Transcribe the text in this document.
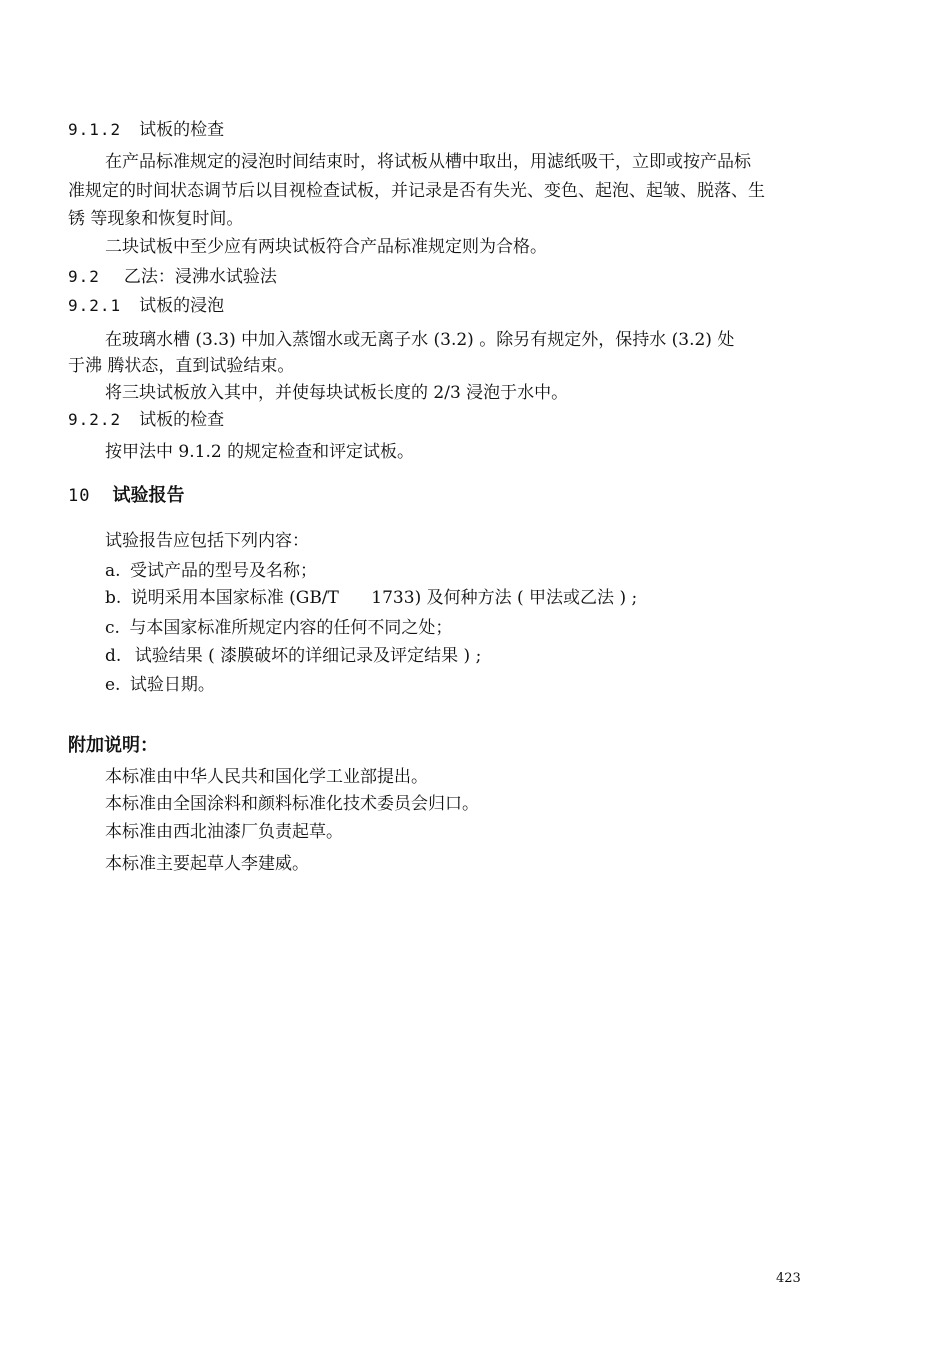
9.1.2 试板的检查
在产品标准规定的浸泡时间结束时，将试板从槽中取出，用滤纸吸干，立即或按产品标
准规定的时间状态调节后以目视检查试板，并记录是否有失光、变色、起泡、起皱、脱落、生
锈 等现象和恢复时间。
二块试板中至少应有两块试板符合产品标准规定则为合格。
9.2 乙法：浸沸水试验法
9.2.1 试板的浸泡
在玻璃水槽 (3.3) 中加入蒸馏水或无离子水 (3.2) 。除另有规定外，保持水 (3.2) 处
于沸 腾状态，直到试验结束。
将三块试板放入其中，并使每块试板长度的 2/3 浸泡于水中。
9.2.2 试板的检查
按甲法中 9.1.2 的规定检查和评定试板。
10 试验报告
试验报告应包括下列内容：
a. 受试产品的型号及名称；
b. 说明采用本国家标准 (GB/T      1733) 及何种方法 ( 甲法或乙法 ) ;
c. 与本国家标准所规定内容的任何不同之处；
d. 试验结果 ( 漆膜破坏的详细记录及评定结果 ) ;
e. 试验日期。
附加说明：
本标准由中华人民共和国化学工业部提出。
本标准由全国涂料和颜料标准化技术委员会归口。
本标准由西北油漆厂负责起草。
本标准主要起草人李建威。
423
